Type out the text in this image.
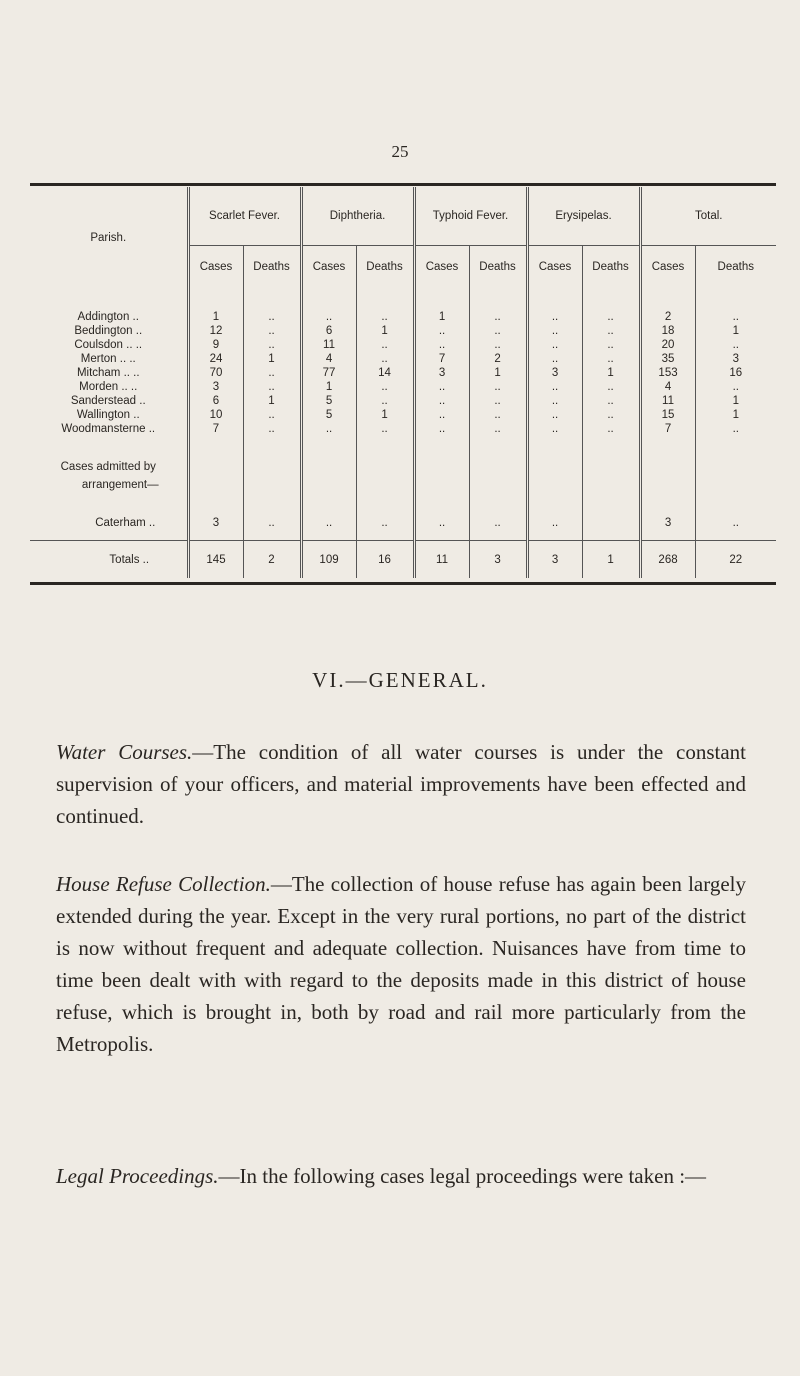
25
Parish.	Scarlet Fever.		Diphtheria.		Typhoid Fever.		Erysipelas.		Total.	
	Cases	Deaths	Cases	Deaths	Cases	Deaths	Cases	Deaths	Cases	Deaths

Addington ..	1	..	..	..	1	..	..	..	2	..
Beddington ..	12	..	6	1	..	..	..	..	18	1
Coulsdon .. ..	9	..	11	..	..	..	..	..	20	..
Merton .. ..	24	1	4	..	7	2	..	..	35	3
Mitcham .. ..	70	..	77	14	3	1	3	1	153	16
Morden .. ..	3	..	1	..	..	..	..	..	4	..
Sanderstead ..	6	1	5	..	..	..	..	..	11	1
Wallington ..	10	..	5	1	..	..	..	..	15	1
Woodmansterne ..	7	..	..	..	..	..	..	..	7	..

Cases admitted by										
arrangement—										

Caterham ..	3	..	..	..	..	..	..		3	..

Totals ..	145	2	109	16	11	3	3	1	268	22
VI.—GENERAL.

Water Courses.—The condition of all water courses is under the constant supervision of your officers, and material improvements have been effected and continued.

House Refuse Collection.—The collection of house refuse has again been largely extended during the year. Except in the very rural portions, no part of the district is now without frequent and adequate collection. Nuisances have from time to time been dealt with with regard to the deposits made in this district of house refuse, which is brought in, both by road and rail more particularly from the Metropolis.

Legal Proceedings.—In the following cases legal proceedings were taken :—
